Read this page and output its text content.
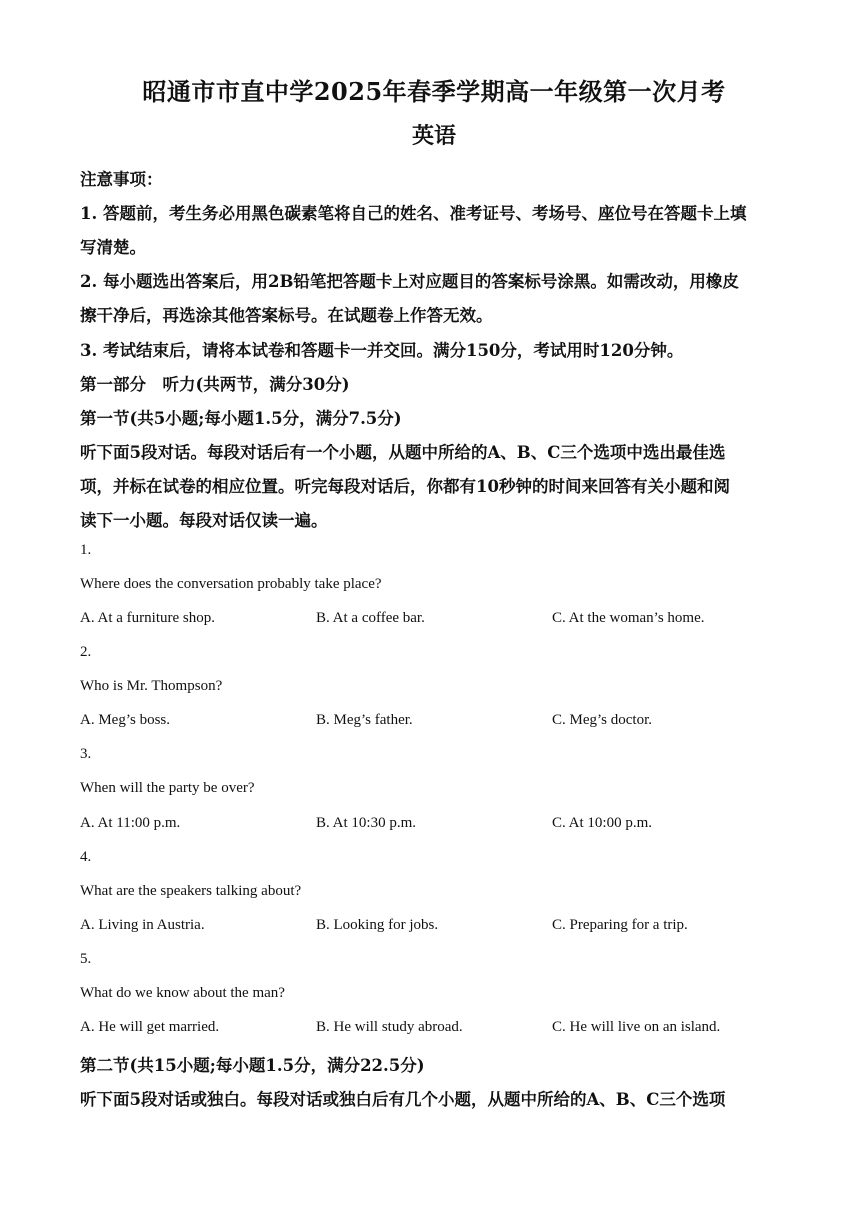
昭通市市直中学2025年春季学期高一年级第一次月考
英语
注意事项：
1. 答题前，考生务必用黑色碳素笔将自己的姓名、准考证号、考场号、座位号在答题卡上填
写清楚。
2. 每小题选出答案后，用2B铅笔把答题卡上对应题目的答案标号涂黑。如需改动，用橡皮
擦干净后，再选涂其他答案标号。在试题卷上作答无效。
3. 考试结束后，请将本试卷和答题卡一并交回。满分150分，考试用时120分钟。
第一部分　听力(共两节，满分30分)
第一节(共5小题;每小题1.5分，满分7.5分)
听下面5段对话。每段对话后有一个小题，从题中所给的A、B、C三个选项中选出最佳选
项，并标在试卷的相应位置。听完每段对话后，你都有10秒钟的时间来回答有关小题和阅
读下一小题。每段对话仅读一遍。
1.
Where does the conversation probably take place?
A. At a furniture shop.	B. At a coffee bar.	C. At the woman’s home.
2.
Who is Mr. Thompson?
A. Meg’s boss.	B. Meg’s father.	C. Meg’s doctor.
3.
When will the party be over?
A. At 11:00 p.m.	B. At 10:30 p.m.	C. At 10:00 p.m.
4.
What are the speakers talking about?
A. Living in Austria.	B. Looking for jobs.	C. Preparing for a trip.
5.
What do we know about the man?
A. He will get married.	B. He will study abroad.	C. He will live on an island.
第二节(共15小题;每小题1.5分，满分22.5分)
听下面5段对话或独白。每段对话或独白后有几个小题，从题中所给的A、B、C三个选项
